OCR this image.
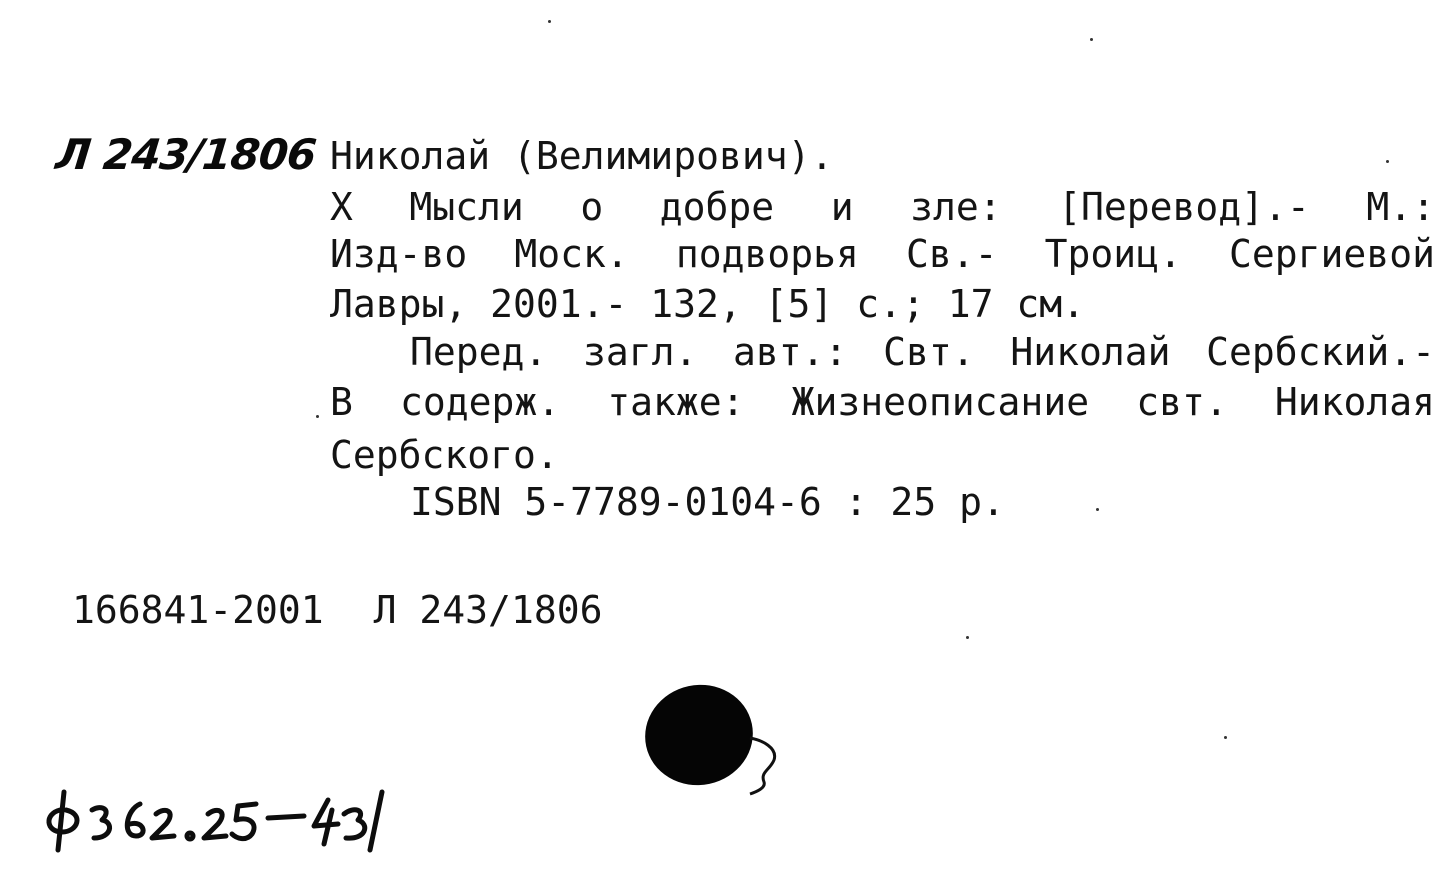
Л 243/1806 Николай (Велимирович).
Х Мысли о добре и зле: [Перевод].- М.:
Изд-во Моск. подворья Св.- Троиц. Сергиевой
Лавры, 2001.- 132, [5] с.; 17 см.
Перед. загл. авт.: Свт. Николай Сербский.-
В содерж. также: Жизнеописание свт. Николая
Сербского.
ISBN 5-7789-0104-6 : 25 р.
166841-2001 Л 243/1806
